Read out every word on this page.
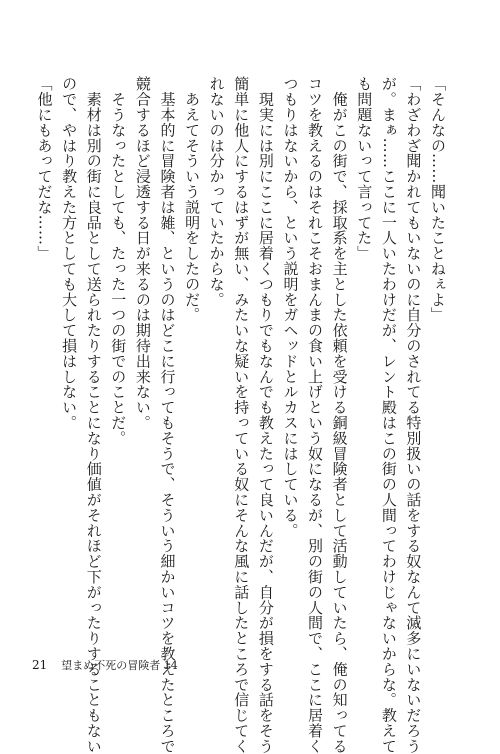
「そんなの……聞いたことねぇよ」
「わざわざ聞かれてもいないのに自分のされてる特別扱いの話をする奴なんて滅多にいないだろう
が。まぁ……ここに一人いたわけだが、レント殿はこの街の人間ってわけじゃないからな。教えて
も問題ないって言ってた」
　俺がこの街で、採取系を主とした依頼を受ける銅級冒険者として活動していたら、俺の知ってる
コツを教えるのはそれこそおまんまの食い上げという奴になるが、別の街の人間で、ここに居着く
つもりはないから、という説明をガヘッドとルカスにはしている。
　現実には別にここに居着くつもりでもなんでも教えたって良いんだが、自分が損をする話をそう
簡単に他人にするはずが無い、みたいな疑いを持っている奴にそんな風に話したところで信じてく
れないのは分かっていたからな。
　あえてそういう説明をしたのだ。
　基本的に冒険者は雑、というのはどこに行ってもそうで、そういう細かいコツを教えたところで
競合するほど浸透する日が来るのは期待出来ない。
　そうなったとしても、たった一つの街でのことだ。
　素材は別の街に良品として送られたりすることになり価値がそれほど下がったりすることもない
ので、やはり教えた方としても大して損はしない。
「他にもあってだな……」
21 望まぬ不死の冒険者 14
